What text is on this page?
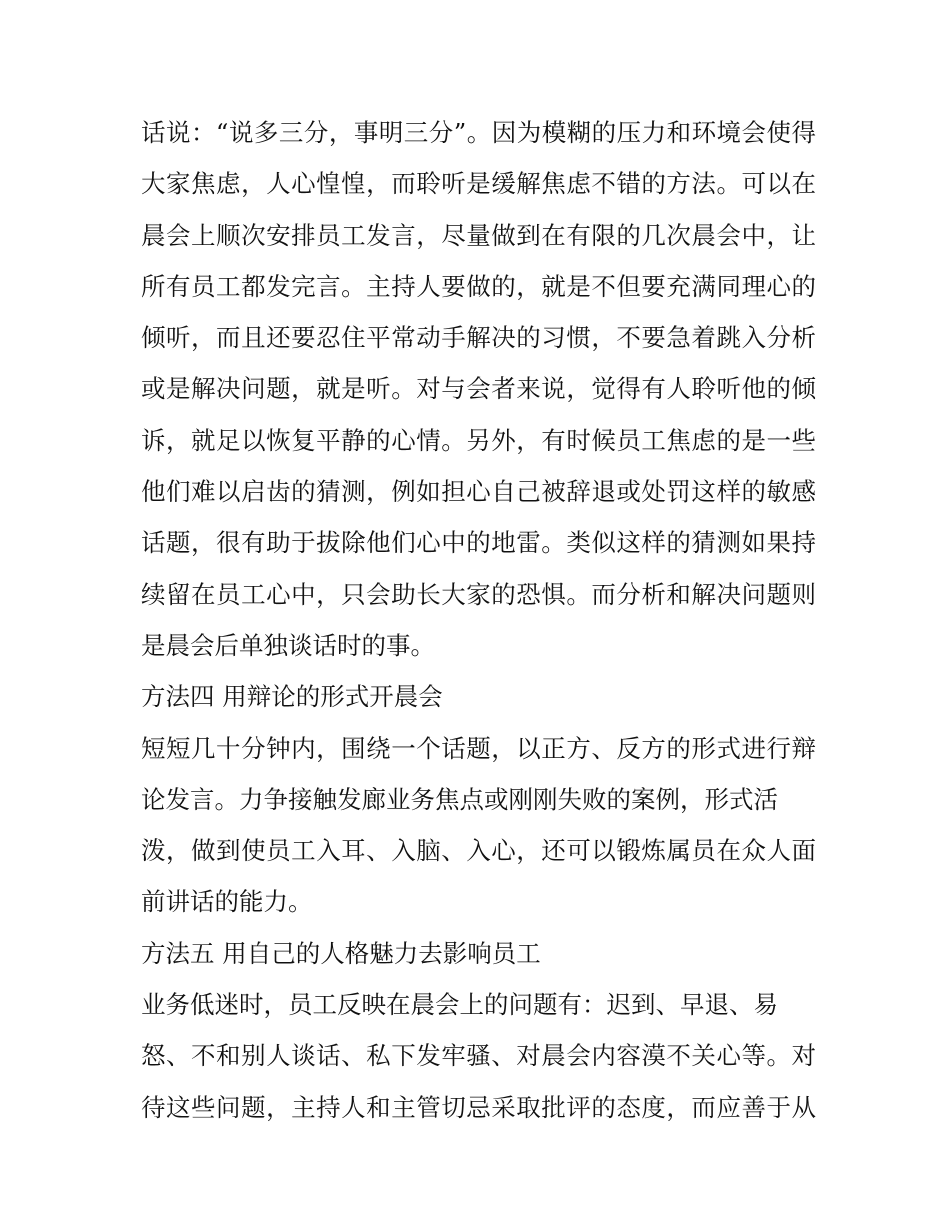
话说：“说多三分，事明三分”。因为模糊的压力和环境会使得
大家焦虑，人心惶惶，而聆听是缓解焦虑不错的方法。可以在
晨会上顺次安排员工发言，尽量做到在有限的几次晨会中，让
所有员工都发完言。主持人要做的，就是不但要充满同理心的
倾听，而且还要忍住平常动手解决的习惯，不要急着跳入分析
或是解决问题，就是听。对与会者来说，觉得有人聆听他的倾
诉，就足以恢复平静的心情。另外，有时候员工焦虑的是一些
他们难以启齿的猜测，例如担心自己被辞退或处罚这样的敏感
话题，很有助于拔除他们心中的地雷。类似这样的猜测如果持
续留在员工心中，只会助长大家的恐惧。而分析和解决问题则
是晨会后单独谈话时的事。
方法四 用辩论的形式开晨会
短短几十分钟内，围绕一个话题，以正方、反方的形式进行辩
论发言。力争接触发廊业务焦点或刚刚失败的案例，形式活
泼，做到使员工入耳、入脑、入心，还可以锻炼属员在众人面
前讲话的能力。
方法五 用自己的人格魅力去影响员工
业务低迷时，员工反映在晨会上的问题有：迟到、早退、易
怒、不和别人谈话、私下发牢骚、对晨会内容漠不关心等。对
待这些问题，主持人和主管切忌采取批评的态度，而应善于从
